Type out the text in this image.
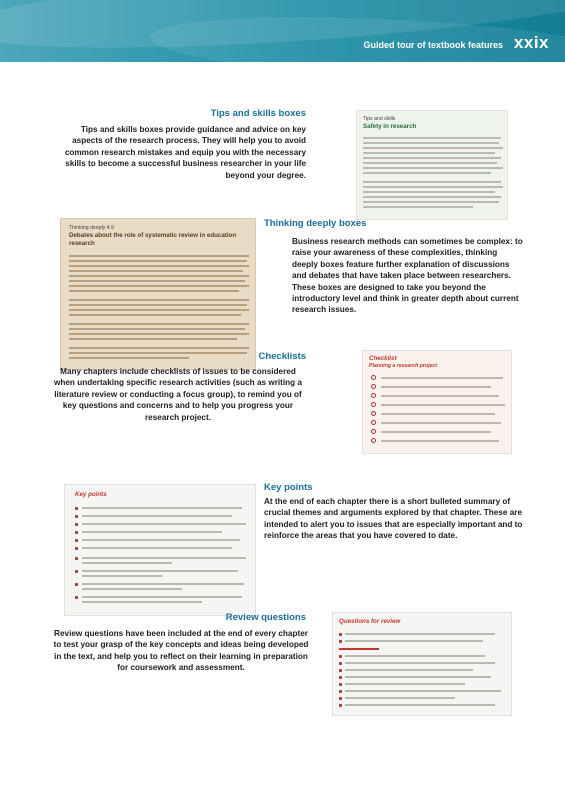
Guided tour of textbook features xxix
Tips and skills boxes
Tips and skills boxes provide guidance and advice on key aspects of the research process. They will help you to avoid common research mistakes and equip you with the necessary skills to become a successful business researcher in your life beyond your degree.
Tips and skills
Safety in research
Thinking deeply 4.9
Debates about the role of systematic review in education research
Thinking deeply boxes
Business research methods can sometimes be complex: to raise your awareness of these complexities, thinking deeply boxes feature further explanation of discussions and debates that have taken place between researchers. These boxes are designed to take you beyond the introductory level and think in greater depth about current research issues.
Checklists
Many chapters include checklists of issues to be considered when undertaking specific research activities (such as writing a literature review or conducting a focus group), to remind you of key questions and concerns and to help you progress your research project.
Checklist
Planning a research project
Key points
Key points
At the end of each chapter there is a short bulleted summary of crucial themes and arguments explored by that chapter. These are intended to alert you to issues that are especially important and to reinforce the areas that you have covered to date.
Review questions
Review questions have been included at the end of every chapter to test your grasp of the key concepts and ideas being developed in the text, and help you to reflect on their learning in preparation for coursework and assessment.
Questions for review
